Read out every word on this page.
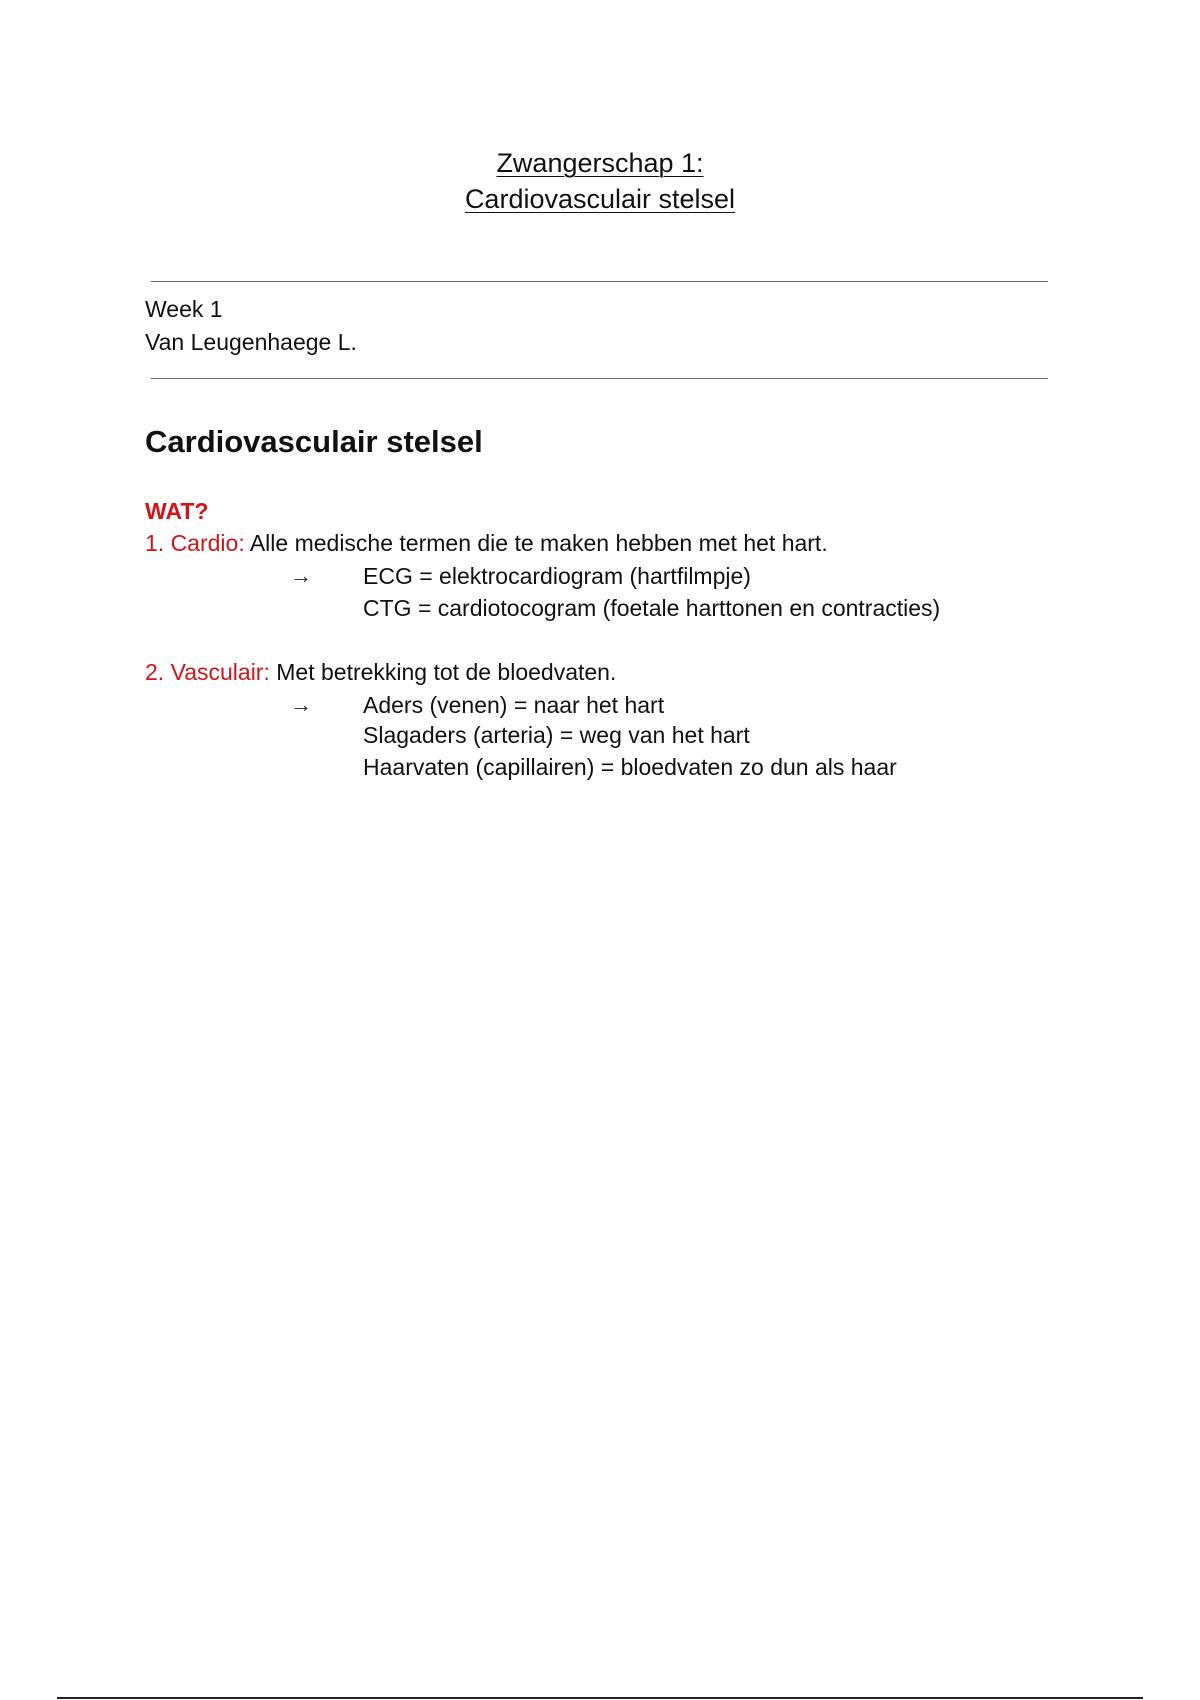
Zwangerschap 1:
Cardiovasculair stelsel
Week 1
Van Leugenhaege L.
Cardiovasculair stelsel
WAT?
1. Cardio: Alle medische termen die te maken hebben met het hart.
→ ECG = elektrocardiogram (hartfilmpje)
CTG = cardiotocogram (foetale harttonen en contracties)
2. Vasculair: Met betrekking tot de bloedvaten.
→ Aders (venen) = naar het hart
Slagaders (arteria) = weg van het hart
Haarvaten (capillairen) = bloedvaten zo dun als haar
